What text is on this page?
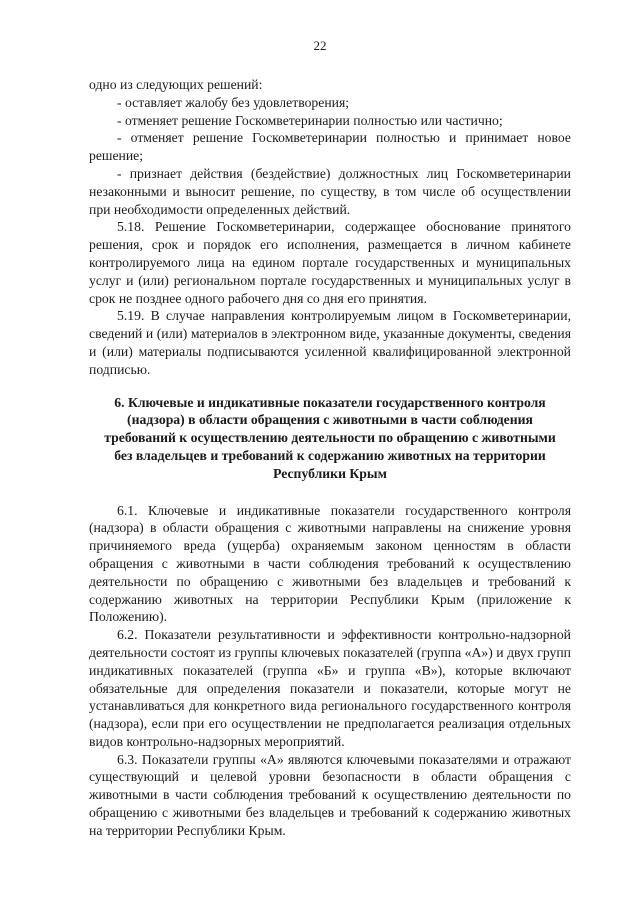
22

одно из следующих решений:

- оставляет жалобу без удовлетворения;

- отменяет решение Госкомветеринарии полностью или частично;

- отменяет решение Госкомветеринарии полностью и принимает новое решение;

- признает действия (бездействие) должностных лиц Госкомветеринарии незаконными и выносит решение, по существу, в том числе об осуществлении при необходимости определенных действий.

5.18. Решение Госкомветеринарии, содержащее обоснование принятого решения, срок и порядок его исполнения, размещается в личном кабинете контролируемого лица на едином портале государственных и муниципальных услуг и (или) региональном портале государственных и муниципальных услуг в срок не позднее одного рабочего дня со дня его принятия.

5.19. В случае направления контролируемым лицом в Госкомветеринарии, сведений и (или) материалов в электронном виде, указанные документы, сведения и (или) материалы подписываются усиленной квалифицированной электронной подписью.

6. Ключевые и индикативные показатели государственного контроля (надзора) в области обращения с животными в части соблюдения требований к осуществлению деятельности по обращению с животными без владельцев и требований к содержанию животных на территории Республики Крым

6.1. Ключевые и индикативные показатели государственного контроля (надзора) в области обращения с животными направлены на снижение уровня причиняемого вреда (ущерба) охраняемым законом ценностям в области обращения с животными в части соблюдения требований к осуществлению деятельности по обращению с животными без владельцев и требований к содержанию животных на территории Республики Крым (приложение к Положению).

6.2. Показатели результативности и эффективности контрольно-надзорной деятельности состоят из группы ключевых показателей (группа «А») и двух групп индикативных показателей (группа «Б» и группа «В»), которые включают обязательные для определения показатели и показатели, которые могут не устанавливаться для конкретного вида регионального государственного контроля (надзора), если при его осуществлении не предполагается реализация отдельных видов контрольно-надзорных мероприятий.

6.3. Показатели группы «А» являются ключевыми показателями и отражают существующий и целевой уровни безопасности в области обращения с животными в части соблюдения требований к осуществлению деятельности по обращению с животными без владельцев и требований к содержанию животных на территории Республики Крым.
